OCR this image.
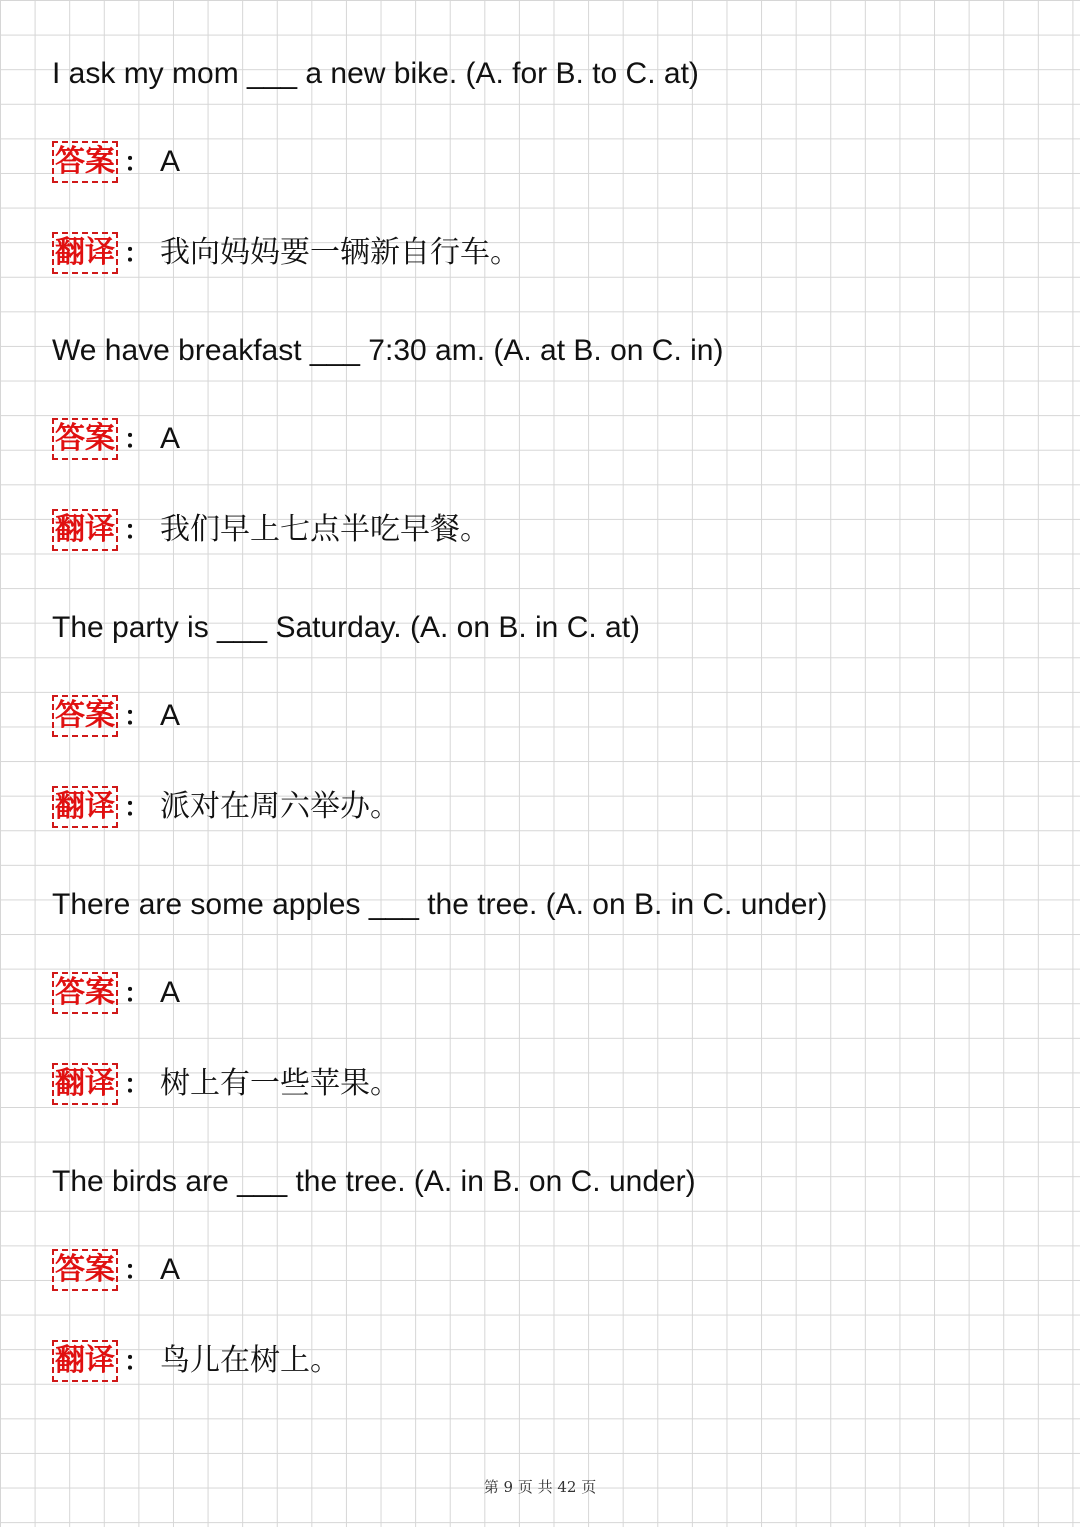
I ask my mom ___ a new bike. (A. for B. to C. at)
答案 ： A
翻译 ： 我向妈妈要一辆新自行车。
We have breakfast ___ 7:30 am. (A. at B. on C. in)
答案 ： A
翻译 ： 我们早上七点半吃早餐。
The party is ___ Saturday. (A. on B. in C. at)
答案 ： A
翻译 ： 派对在周六举办。
There are some apples ___ the tree. (A. on B. in C. under)
答案 ： A
翻译 ： 树上有一些苹果。
The birds are ___ the tree. (A. in B. on C. under)
答案 ： A
翻译 ： 鸟儿在树上。
第 9 页 共 42 页
